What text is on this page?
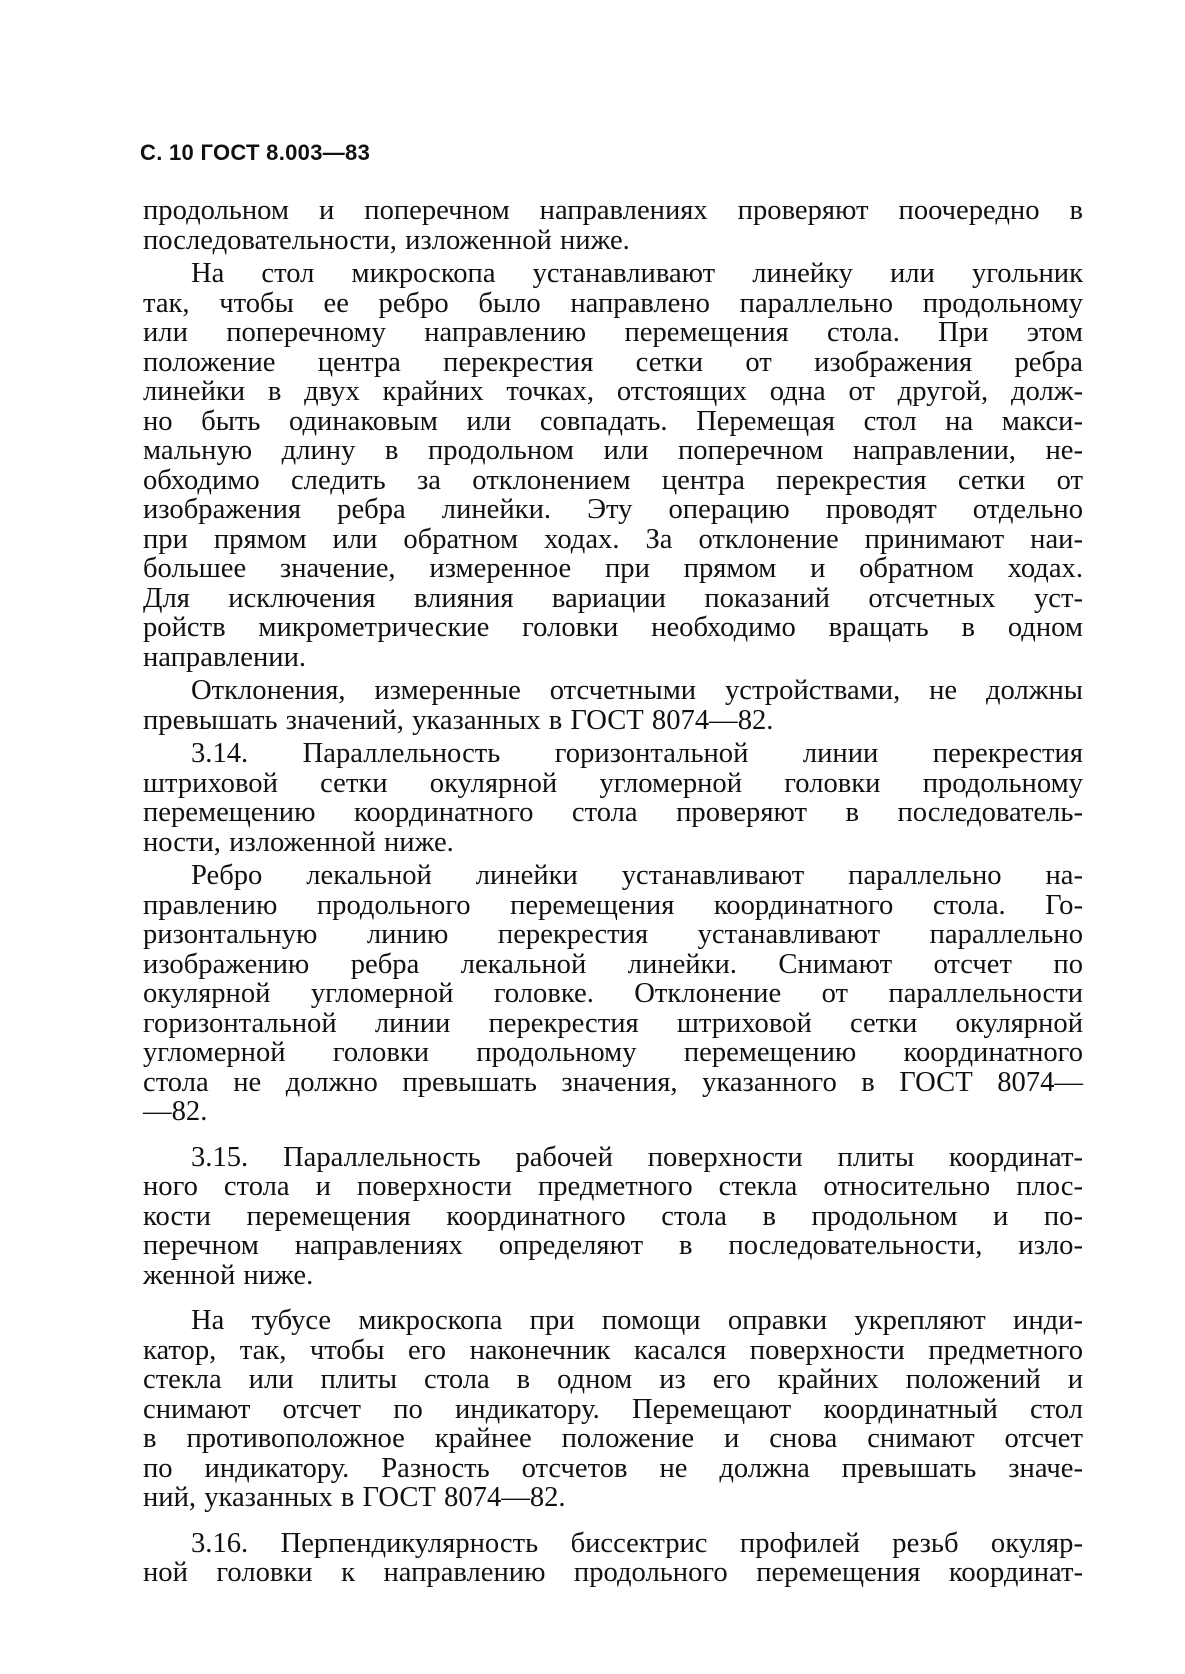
С. 10 ГОСТ 8.003—83

продольном и поперечном направлениях проверяют поочередно в
последовательности, изложенной ниже.

На стол микроскопа устанавливают линейку или угольник
так, чтобы ее ребро было направлено параллельно продольному
или поперечному направлению перемещения стола. При этом
положение центра перекрестия сетки от изображения ребра
линейки в двух крайних точках, отстоящих одна от другой, долж-
но быть одинаковым или совпадать. Перемещая стол на макси-
мальную длину в продольном или поперечном направлении, не-
обходимо следить за отклонением центра перекрестия сетки от
изображения ребра линейки. Эту операцию проводят отдельно
при прямом или обратном ходах. За отклонение принимают наи-
большее значение, измеренное при прямом и обратном ходах.
Для исключения влияния вариации показаний отсчетных уст-
ройств микрометрические головки необходимо вращать в одном
направлении.

Отклонения, измеренные отсчетными устройствами, не должны
превышать значений, указанных в ГОСТ 8074—82.

3.14. Параллельность горизонтальной линии перекрестия
штриховой сетки окулярной угломерной головки продольному
перемещению координатного стола проверяют в последователь-
ности, изложенной ниже.

Ребро лекальной линейки устанавливают параллельно на-
правлению продольного перемещения координатного стола. Го-
ризонтальную линию перекрестия устанавливают параллельно
изображению ребра лекальной линейки. Снимают отсчет по
окулярной угломерной головке. Отклонение от параллельности
горизонтальной линии перекрестия штриховой сетки окулярной
угломерной головки продольному перемещению координатного
стола не должно превышать значения, указанного в ГОСТ 8074—
—82.

3.15. Параллельность рабочей поверхности плиты координат-
ного стола и поверхности предметного стекла относительно плос-
кости перемещения координатного стола в продольном и по-
перечном направлениях определяют в последовательности, изло-
женной ниже.

На тубусе микроскопа при помощи оправки укрепляют инди-
катор, так, чтобы его наконечник касался поверхности предметного
стекла или плиты стола в одном из его крайних положений и
снимают отсчет по индикатору. Перемещают координатный стол
в противоположное крайнее положение и снова снимают отсчет
по индикатору. Разность отсчетов не должна превышать значе-
ний, указанных в ГОСТ 8074—82.

3.16. Перпендикулярность биссектрис профилей резьб окуляр-
ной головки к направлению продольного перемещения координат-
